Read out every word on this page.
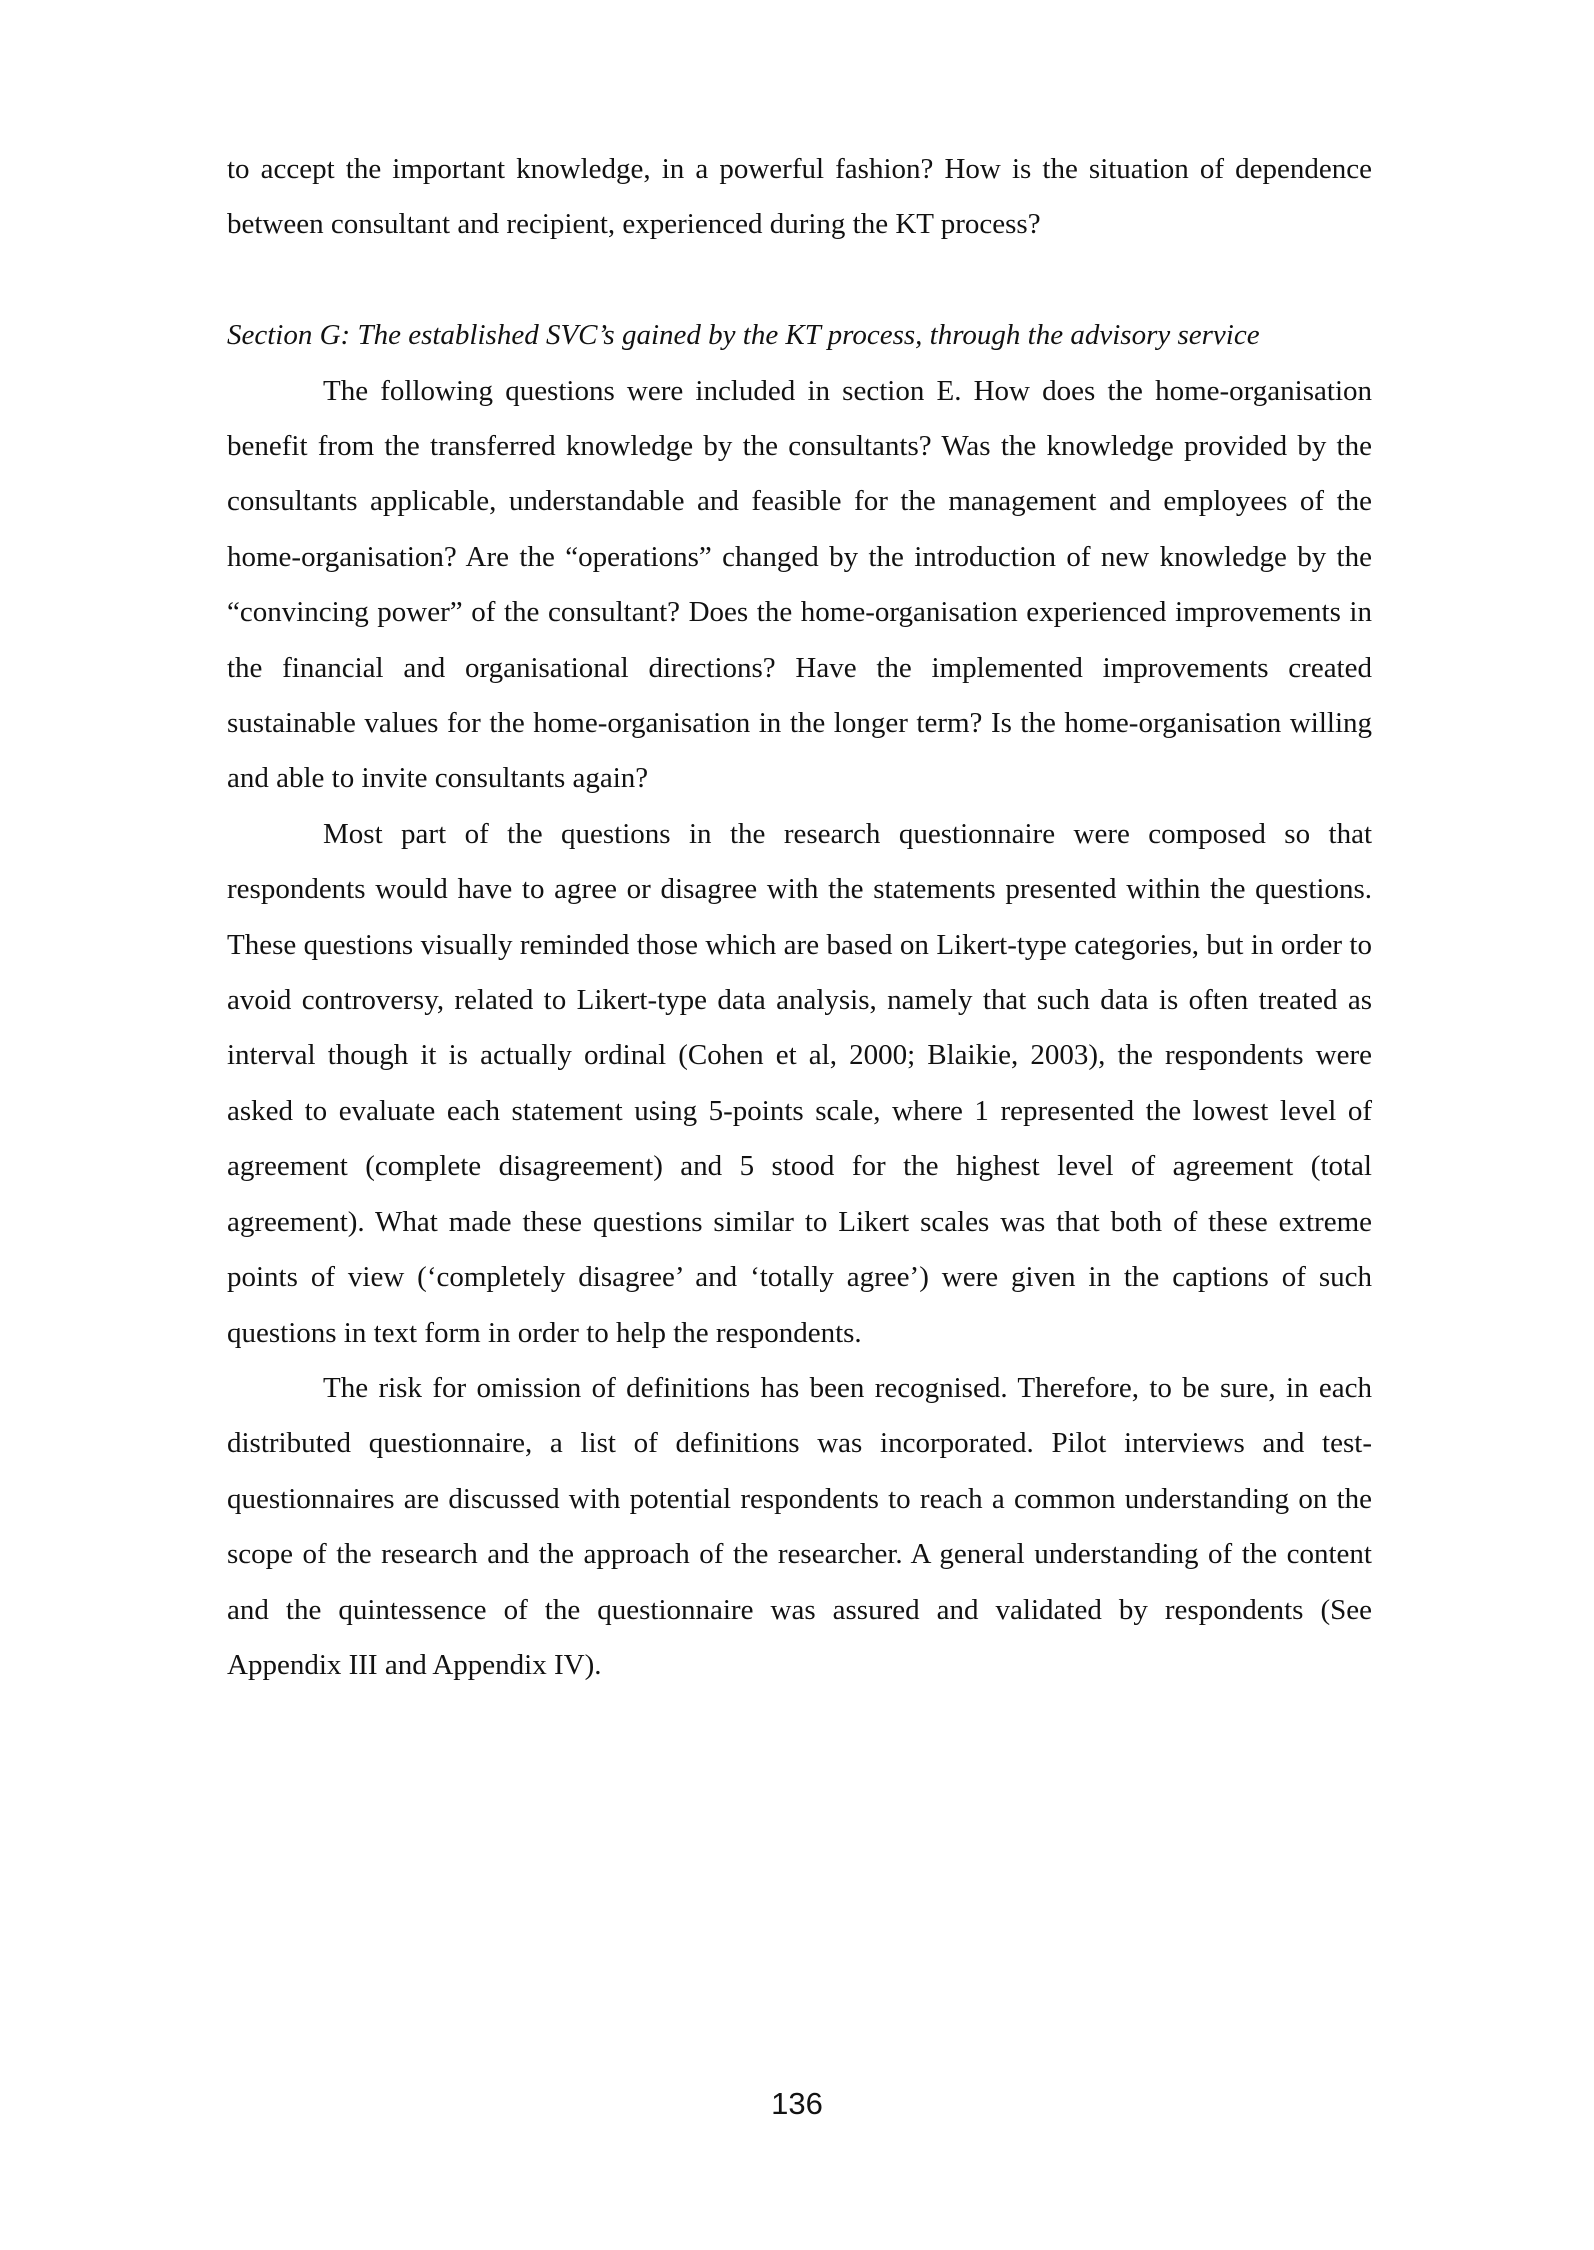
to accept the important knowledge, in a powerful fashion? How is the situation of dependence between consultant and recipient, experienced during the KT process?

Section G: The established SVC’s gained by the KT process, through the advisory service

The following questions were included in section E. How does the home-organisation benefit from the transferred knowledge by the consultants? Was the knowledge provided by the consultants applicable, understandable and feasible for the management and employees of the home-organisation? Are the “operations” changed by the introduction of new knowledge by the “convincing power” of the consultant? Does the home-organisation experienced improvements in the financial and organisational directions? Have the implemented improvements created sustainable values for the home-organisation in the longer term? Is the home-organisation willing and able to invite consultants again?

Most part of the questions in the research questionnaire were composed so that respondents would have to agree or disagree with the statements presented within the questions. These questions visually reminded those which are based on Likert-type categories, but in order to avoid controversy, related to Likert-type data analysis, namely that such data is often treated as interval though it is actually ordinal (Cohen et al, 2000; Blaikie, 2003), the respondents were asked to evaluate each statement using 5-points scale, where 1 represented the lowest level of agreement (complete disagreement) and 5 stood for the highest level of agreement (total agreement). What made these questions similar to Likert scales was that both of these extreme points of view (‘completely disagree’ and ‘totally agree’) were given in the captions of such questions in text form in order to help the respondents.

The risk for omission of definitions has been recognised. Therefore, to be sure, in each distributed questionnaire, a list of definitions was incorporated. Pilot interviews and test-questionnaires are discussed with potential respondents to reach a common understanding on the scope of the research and the approach of the researcher. A general understanding of the content and the quintessence of the questionnaire was assured and validated by respondents (See Appendix III and Appendix IV).

136
